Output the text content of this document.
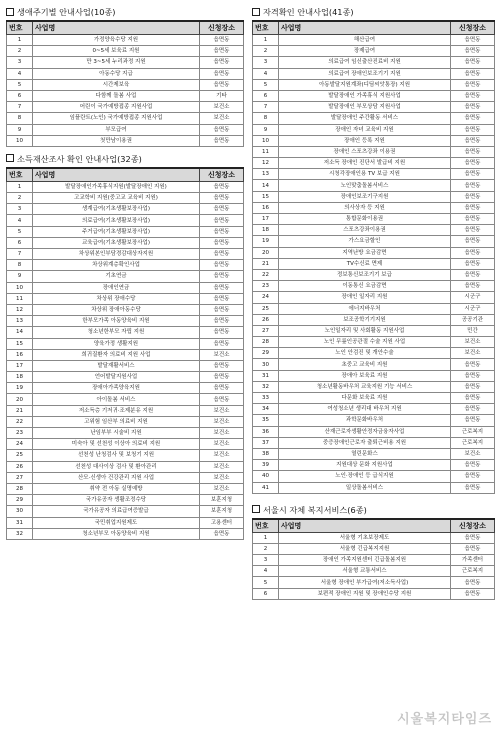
생애주기별 안내사업(10종)
번호	사업명	신청장소
1	가정양육수당 지원	읍면동
2	0~5세 보육료 지원	읍면동
3	만 3~5세 누리과정 지원	읍면동
4	아동수당 지급	읍면동
5	시간제보육	읍면동
6	다함께 돌봄 사업	기타
7	어린이 국가예방접종 지원사업	보건소
8	임플란트(노인) 국가예방접종 지원사업	보건소
9	부모급여	읍면동
10	첫만남이용권	읍면동
소득재산조사 확인 안내사업(32종)
번호	사업명	신청장소
1	발달장애인가족휴식지원(발달장애인 지원)	읍면동
2	고교학비 지원(중고교 교육비 지원)	읍면동
3	생계급여(기초생활보장사업)	읍면동
4	의료급여(기초생활보장사업)	읍면동
5	주거급여(기초생활보장사업)	읍면동
6	교육급여(기초생활보장사업)	읍면동
7	차상위본인부담경감대상자지원	읍면동
8	차상위계층확인사업	읍면동
9	기초연금	읍면동
10	장애인연금	읍면동
11	차상위 장애수당	읍면동
12	차상위 장애아동수당	읍면동
13	한부모가족 아동양육비 지원	읍면동
14	청소년한부모 자립 지원	읍면동
15	양육가정 생활지원	읍면동
16	희귀질환자 의료비 지원 사업	보건소
17	발달재활서비스	읍면동
18	언어발달지원사업	읍면동
19	장애아가족양육지원	읍면동
20	아이돌봄 서비스	읍면동
21	저소득층 기저귀·조제분유 지원	보건소
22	고위험 임산부 의료비 지원	보건소
23	난임부부 시술비 지원	보건소
24	미숙아 및 선천성 이상아 의료비 지원	보건소
25	선천성 난청검사 및 보청기 지원	보건소
26	선천성 대사이상 검사 및 환아관리	보건소
27	산모·신생아 건강관리 지원 사업	보건소
28	취약 전 아동 실명예방	보건소
29	국가유공자 생활조정수당	보훈지청
30	국가유공자 의료급여증발급	보훈지청
31	국민취업지원제도	고용센터
32	청소년부모 아동양육비 지원	읍면동
자격확인 안내사업(41종)
번호	사업명	신청장소
1	해산급여	읍면동
2	장제급여	읍면동
3	의료급여 임신출산진료비 지원	읍면동
4	의료급여 장애인보조기기 지원	읍면동
5	아동발달지원계좌(디딤씨앗통장) 지원	읍면동
6	발달장애인 가족휴식 지원사업	읍면동
7	발달장애인 부모상담 지원사업	읍면동
8	발달장애인 주간활동 서비스	읍면동
9	장애인 자녀 교육비 지원	읍면동
10	장애인 등록 지원	읍면동
11	장애인 스포츠강좌 이용권	읍면동
12	저소득 장애인 진단서 발급비 지원	읍면동
13	시청각장애인용 TV 보급 지원	읍면동
14	노인맞춤돌봄서비스	읍면동
15	장애인보조기구지원	읍면동
16	의사상자 등 지원	읍면동
17	통합문화이용권	읍면동
18	스포츠강좌이용권	읍면동
19	가스요금할인	읍면동
20	지역난방 요금감면	읍면동
21	TV수신료 면제	읍면동
22	정보통신보조기기 보급	읍면동
23	이동통신 요금감면	읍면동
24	장애인 일자리 지원	시군구
25	에너지바우처	시군구
26	보조공학기기지원	공공기관
27	노인일자리 및 사회활동 지원사업	민간
28	노인 무릎인공관절 수술 지원 사업	보건소
29	노인 안검진 및 개안수술	보건소
30	초중고 교육비 지원	읍면동
31	장애아 보육료 지원	읍면동
32	청소년활동바우처 교육지원 기능 서비스	읍면동
33	다문화 보육료 지원	읍면동
34	여성청소년 생리대 바우처 지원	읍면동
35	과학문화바우처	읍면동
36	산재근로자생활안정자금융자사업	근로복지
37	중증장애인근로자 출퇴근비용 지원	근로복지
38	열린문화스	보건소
39	지원대상 문화 지원사업	읍면동
40	노인·장애인 등 급식지원	읍면동
41	일상돌봄서비스	읍면동
서울시 자체 복지서비스(6종)
번호	사업명	신청장소
1	서울형 기초보장제도	읍면동
2	서울형 긴급복지지원	읍면동
3	장애인 가족지원센터 긴급돌봄지원	가족센터
4	서울형 교통서비스	근로복지
5	서울형 장애인 부가급여(저소득사업)	읍면동
6	보편적 장애인 지원 및 장애인수당 지원	읍면동
시울복지타임즈
